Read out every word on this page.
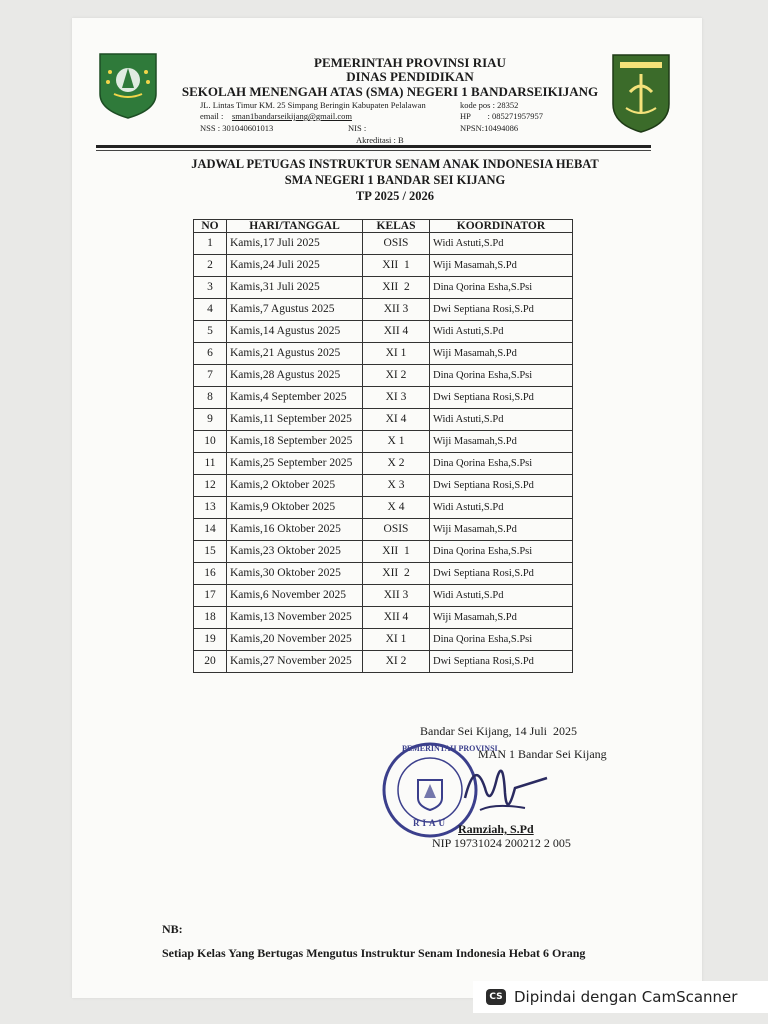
PEMERINTAH PROVINSI RIAU
DINAS PENDIDIKAN
SEKOLAH MENENGAH ATAS (SMA) NEGERI 1 BANDARSEIKIJANG
JL. Lintas Timur KM. 25 Simpang Beringin Kabupaten Pelalawan
email : sman1bandarseikijang@gmail.com
NSS : 301040601013	NIS :
Akreditasi : B
kode pos : 28352
HP        : 085271957957
NPSN:10494086
JADWAL PETUGAS INSTRUKTUR SENAM ANAK INDONESIA HEBAT
SMA NEGERI 1 BANDAR SEI KIJANG
TP 2025 / 2026
NO	HARI/TANGGAL	KELAS	KOORDINATOR
1	Kamis,17 Juli 2025	OSIS	Widi Astuti,S.Pd
2	Kamis,24 Juli 2025	XII  1	Wiji Masamah,S.Pd
3	Kamis,31 Juli 2025	XII  2	Dina Qorina Esha,S.Psi
4	Kamis,7 Agustus 2025	XII 3	Dwi Septiana Rosi,S.Pd
5	Kamis,14 Agustus 2025	XII 4	Widi Astuti,S.Pd
6	Kamis,21 Agustus 2025	XI 1	Wiji Masamah,S.Pd
7	Kamis,28 Agustus 2025	XI 2	Dina Qorina Esha,S.Psi
8	Kamis,4 September 2025	XI 3	Dwi Septiana Rosi,S.Pd
9	Kamis,11 September 2025	XI 4	Widi Astuti,S.Pd
10	Kamis,18 September 2025	X 1	Wiji Masamah,S.Pd
11	Kamis,25 September 2025	X 2	Dina Qorina Esha,S.Psi
12	Kamis,2 Oktober 2025	X 3	Dwi Septiana Rosi,S.Pd
13	Kamis,9 Oktober 2025	X 4	Widi Astuti,S.Pd
14	Kamis,16 Oktober 2025	OSIS	Wiji Masamah,S.Pd
15	Kamis,23 Oktober 2025	XII  1	Dina Qorina Esha,S.Psi
16	Kamis,30 Oktober 2025	XII  2	Dwi Septiana Rosi,S.Pd
17	Kamis,6 November 2025	XII 3	Widi Astuti,S.Pd
18	Kamis,13 November 2025	XII 4	Wiji Masamah,S.Pd
19	Kamis,20 November 2025	XI 1	Dina Qorina Esha,S.Psi
20	Kamis,27 November 2025	XI 2	Dwi Septiana Rosi,S.Pd
Bandar Sei Kijang, 14 Juli  2025
MAN 1 Bandar Sei Kijang
PEMERINTAH PROVINSI
RIAU Ramziah, S.Pd
NIP 19731024 200212 2 005
NB:
Setiap Kelas Yang Bertugas Mengutus Instruktur Senam Indonesia Hebat 6 Orang
CS Dipindai dengan CamScanner
